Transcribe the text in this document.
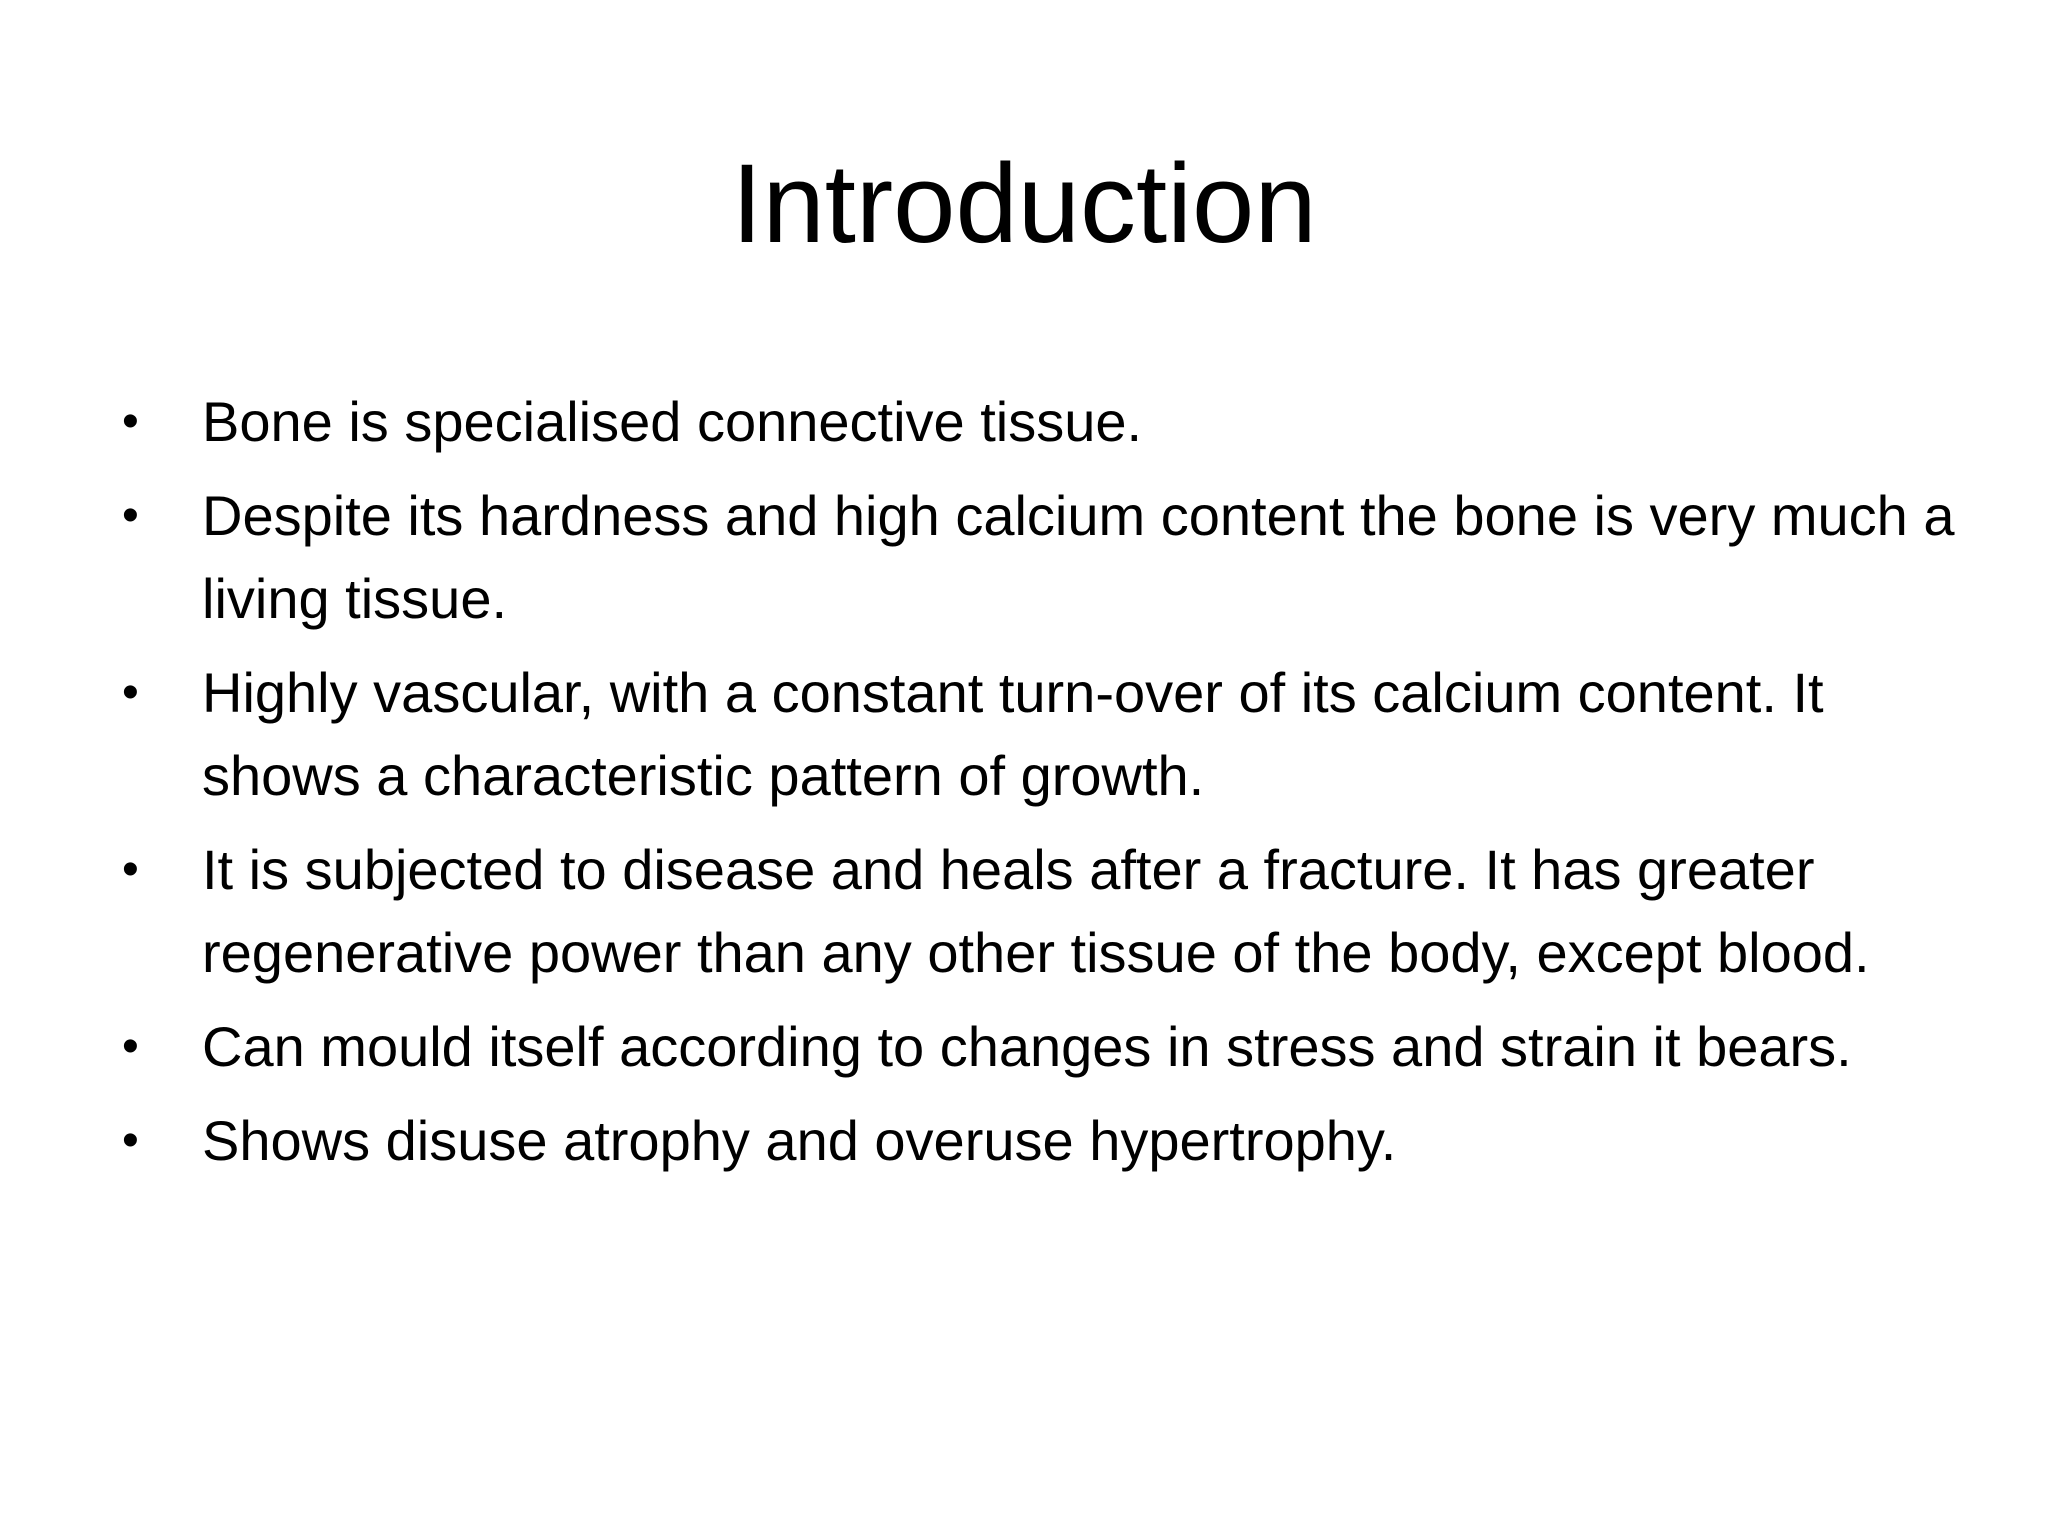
Introduction
•	Bone is specialised connective tissue.
•	Despite its hardness and high calcium content the bone is very much a living tissue.
•	Highly vascular, with a constant turn-over of its calcium content. It shows a characteristic pattern of growth.
•	It is subjected to disease and heals after a fracture. It has greater regenerative power than any other tissue of the body, except blood.
•	Can mould itself according to changes in stress and strain it bears.
•	Shows disuse atrophy and overuse hypertrophy.
